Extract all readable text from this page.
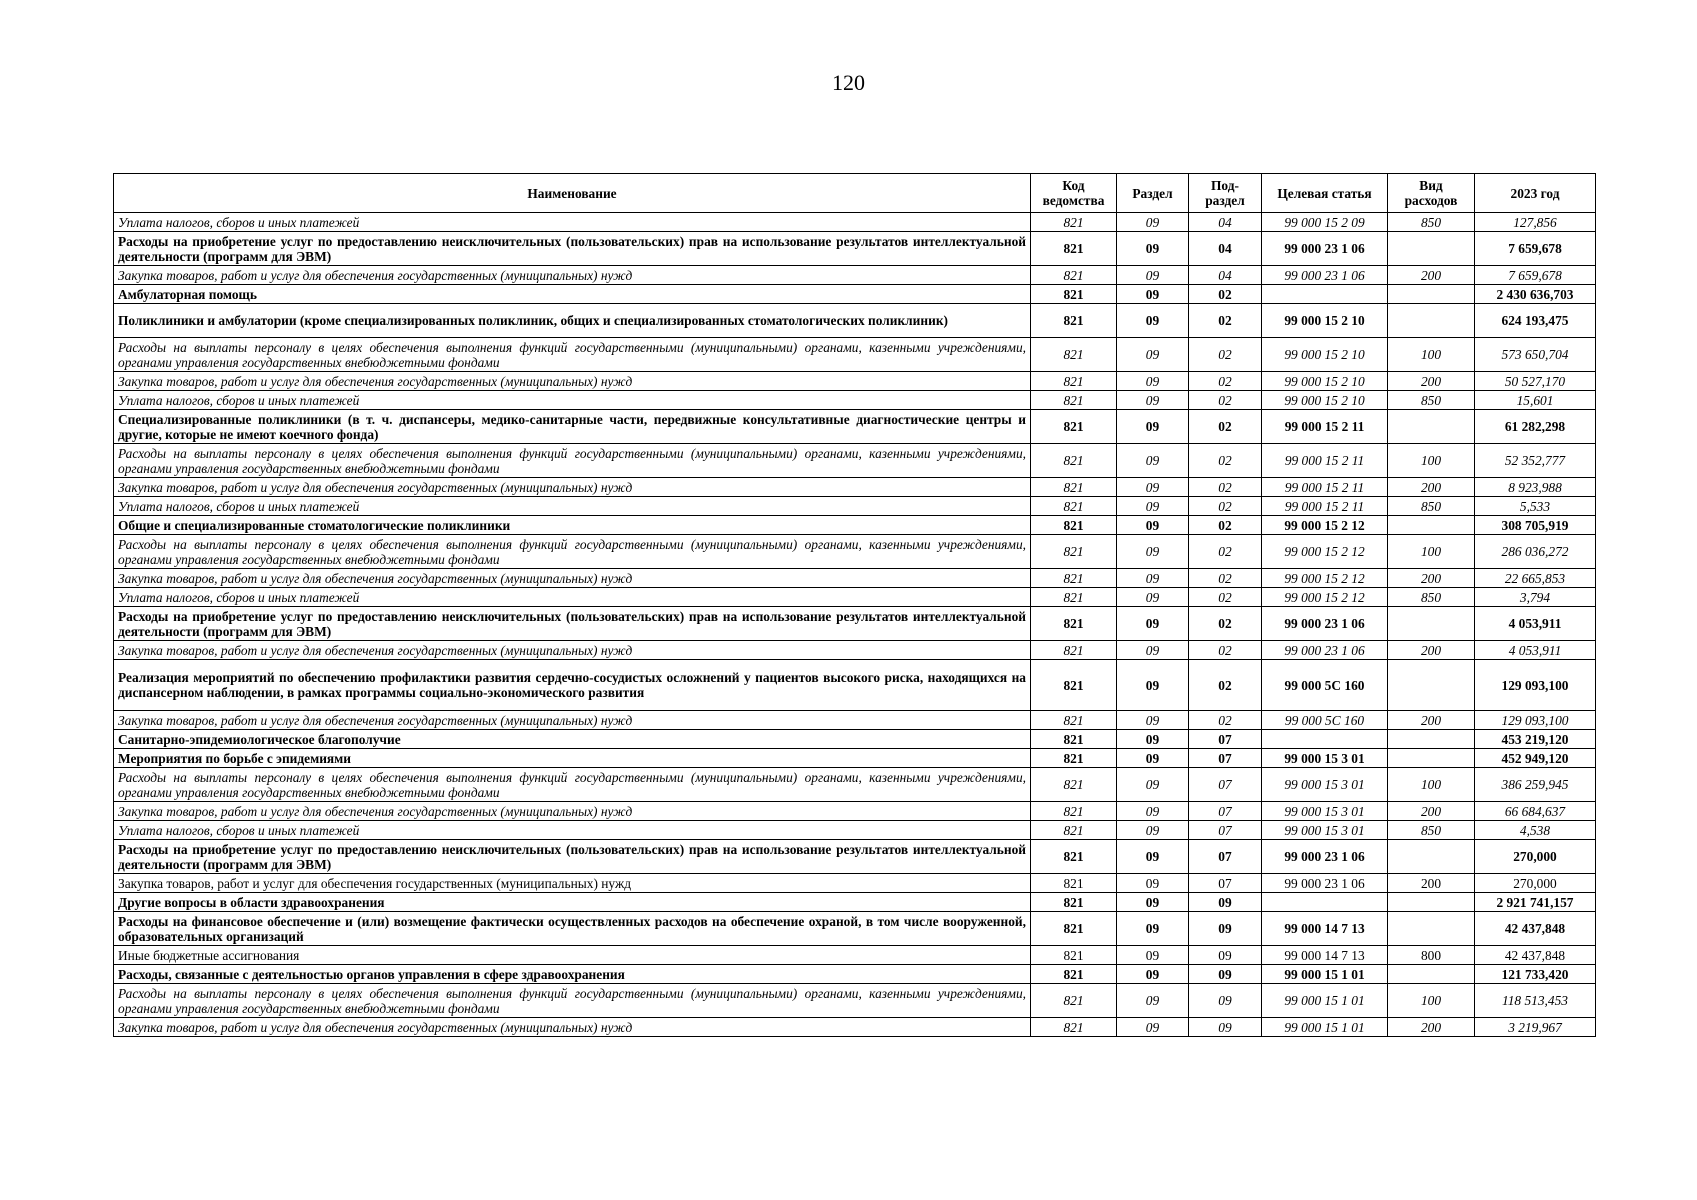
120
Наименование	Код ведомства	Раздел	Под-раздел	Целевая статья	Вид расходов	2023 год
Уплата налогов, сборов и иных платежей	821	09	04	99 000 15 2 09	850	127,856
Расходы на приобретение услуг по предоставлению неисключительных (пользовательских) прав на использование результатов интеллектуальной деятельности (программ для ЭВМ)	821	09	04	99 000 23 1 06		7 659,678
Закупка товаров, работ и услуг для обеспечения государственных (муниципальных) нужд	821	09	04	99 000 23 1 06	200	7 659,678
Амбулаторная помощь	821	09	02			2 430 636,703
Поликлиники и амбулатории (кроме специализированных поликлиник, общих и специализированных стоматологических поликлиник)	821	09	02	99 000 15 2 10		624 193,475
Расходы на выплаты персоналу в целях обеспечения выполнения функций государственными (муниципальными) органами, казенными учреждениями, органами управления государственных внебюджетными фондами	821	09	02	99 000 15 2 10	100	573 650,704
Закупка товаров, работ и услуг для обеспечения государственных (муниципальных) нужд	821	09	02	99 000 15 2 10	200	50 527,170
Уплата налогов, сборов и иных платежей	821	09	02	99 000 15 2 10	850	15,601
Специализированные поликлиники (в т. ч. диспансеры, медико-санитарные части, передвижные консультативные диагностические центры и другие, которые не имеют коечного фонда)	821	09	02	99 000 15 2 11		61 282,298
Расходы на выплаты персоналу в целях обеспечения выполнения функций государственными (муниципальными) органами, казенными учреждениями, органами управления государственных внебюджетными фондами	821	09	02	99 000 15 2 11	100	52 352,777
Закупка товаров, работ и услуг для обеспечения государственных (муниципальных) нужд	821	09	02	99 000 15 2 11	200	8 923,988
Уплата налогов, сборов и иных платежей	821	09	02	99 000 15 2 11	850	5,533
Общие и специализированные стоматологические поликлиники	821	09	02	99 000 15 2 12		308 705,919
Расходы на выплаты персоналу в целях обеспечения выполнения функций государственными (муниципальными) органами, казенными учреждениями, органами управления государственных внебюджетными фондами	821	09	02	99 000 15 2 12	100	286 036,272
Закупка товаров, работ и услуг для обеспечения государственных (муниципальных) нужд	821	09	02	99 000 15 2 12	200	22 665,853
Уплата налогов, сборов и иных платежей	821	09	02	99 000 15 2 12	850	3,794
Расходы на приобретение услуг по предоставлению неисключительных (пользовательских) прав на использование результатов интеллектуальной деятельности (программ для ЭВМ)	821	09	02	99 000 23 1 06		4 053,911
Закупка товаров, работ и услуг для обеспечения государственных (муниципальных) нужд	821	09	02	99 000 23 1 06	200	4 053,911
Реализация мероприятий по обеспечению профилактики развития сердечно-сосудистых осложнений у пациентов высокого риска, находящихся на диспансерном наблюдении, в рамках программы социально-экономического развития	821	09	02	99 000 5С 160		129 093,100
Закупка товаров, работ и услуг для обеспечения государственных (муниципальных) нужд	821	09	02	99 000 5С 160	200	129 093,100
Санитарно-эпидемиологическое благополучие	821	09	07			453 219,120
Мероприятия по борьбе с эпидемиями	821	09	07	99 000 15 3 01		452 949,120
Расходы на выплаты персоналу в целях обеспечения выполнения функций государственными (муниципальными) органами, казенными учреждениями, органами управления государственных внебюджетными фондами	821	09	07	99 000 15 3 01	100	386 259,945
Закупка товаров, работ и услуг для обеспечения государственных (муниципальных) нужд	821	09	07	99 000 15 3 01	200	66 684,637
Уплата налогов, сборов и иных платежей	821	09	07	99 000 15 3 01	850	4,538
Расходы на приобретение услуг по предоставлению неисключительных (пользовательских) прав на использование результатов интеллектуальной деятельности (программ для ЭВМ)	821	09	07	99 000 23 1 06		270,000
Закупка товаров, работ и услуг для обеспечения государственных (муниципальных) нужд	821	09	07	99 000 23 1 06	200	270,000
Другие вопросы в области здравоохранения	821	09	09			2 921 741,157
Расходы на финансовое обеспечение и (или) возмещение фактически осуществленных расходов на обеспечение охраной, в том числе вооруженной, образовательных организаций	821	09	09	99 000 14 7 13		42 437,848
Иные бюджетные ассигнования	821	09	09	99 000 14 7 13	800	42 437,848
Расходы, связанные с деятельностью органов управления в сфере здравоохранения	821	09	09	99 000 15 1 01		121 733,420
Расходы на выплаты персоналу в целях обеспечения выполнения функций государственными (муниципальными) органами, казенными учреждениями, органами управления государственных внебюджетными фондами	821	09	09	99 000 15 1 01	100	118 513,453
Закупка товаров, работ и услуг для обеспечения государственных (муниципальных) нужд	821	09	09	99 000 15 1 01	200	3 219,967
